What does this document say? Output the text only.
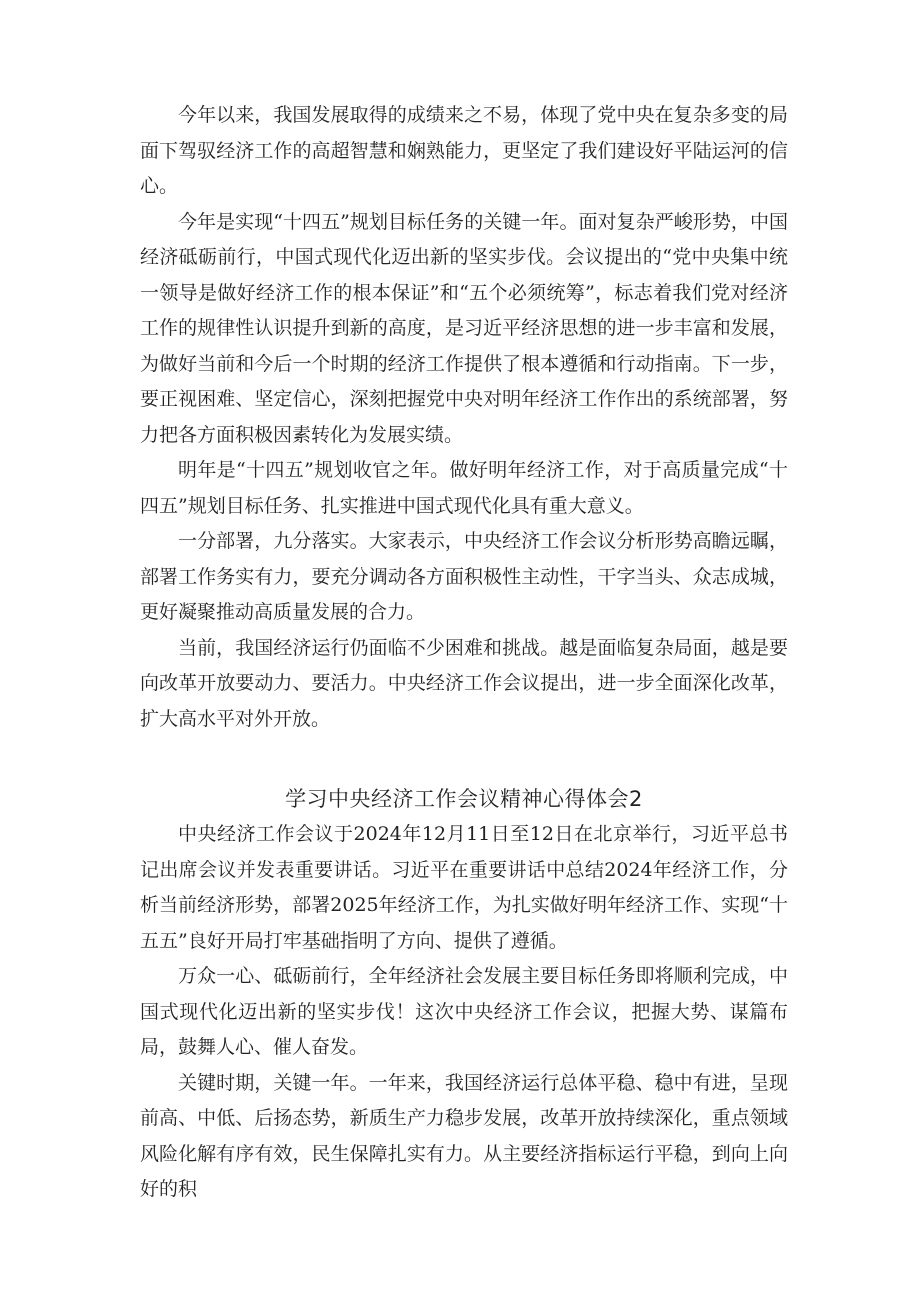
今年以来，我国发展取得的成绩来之不易，体现了党中央在复杂多变的局面下驾驭经济工作的高超智慧和娴熟能力，更坚定了我们建设好平陆运河的信心。

今年是实现“十四五”规划目标任务的关键一年。面对复杂严峻形势，中国经济砥砺前行，中国式现代化迈出新的坚实步伐。会议提出的“党中央集中统一领导是做好经济工作的根本保证”和“五个必须统筹”，标志着我们党对经济工作的规律性认识提升到新的高度，是习近平经济思想的进一步丰富和发展，为做好当前和今后一个时期的经济工作提供了根本遵循和行动指南。下一步，要正视困难、坚定信心，深刻把握党中央对明年经济工作作出的系统部署，努力把各方面积极因素转化为发展实绩。

明年是“十四五”规划收官之年。做好明年经济工作，对于高质量完成“十四五”规划目标任务、扎实推进中国式现代化具有重大意义。

一分部署，九分落实。大家表示，中央经济工作会议分析形势高瞻远瞩，部署工作务实有力，要充分调动各方面积极性主动性，干字当头、众志成城，更好凝聚推动高质量发展的合力。

当前，我国经济运行仍面临不少困难和挑战。越是面临复杂局面，越是要向改革开放要动力、要活力。中央经济工作会议提出，进一步全面深化改革，扩大高水平对外开放。

学习中央经济工作会议精神心得体会2

中央经济工作会议于2024年12月11日至12日在北京举行，习近平总书记出席会议并发表重要讲话。习近平在重要讲话中总结2024年经济工作，分析当前经济形势，部署2025年经济工作，为扎实做好明年经济工作、实现“十五五”良好开局打牢基础指明了方向、提供了遵循。

万众一心、砥砺前行，全年经济社会发展主要目标任务即将顺利完成，中国式现代化迈出新的坚实步伐！这次中央经济工作会议，把握大势、谋篇布局，鼓舞人心、催人奋发。

关键时期，关键一年。一年来，我国经济运行总体平稳、稳中有进，呈现前高、中低、后扬态势，新质生产力稳步发展，改革开放持续深化，重点领域风险化解有序有效，民生保障扎实有力。从主要经济指标运行平稳，到向上向好的积
